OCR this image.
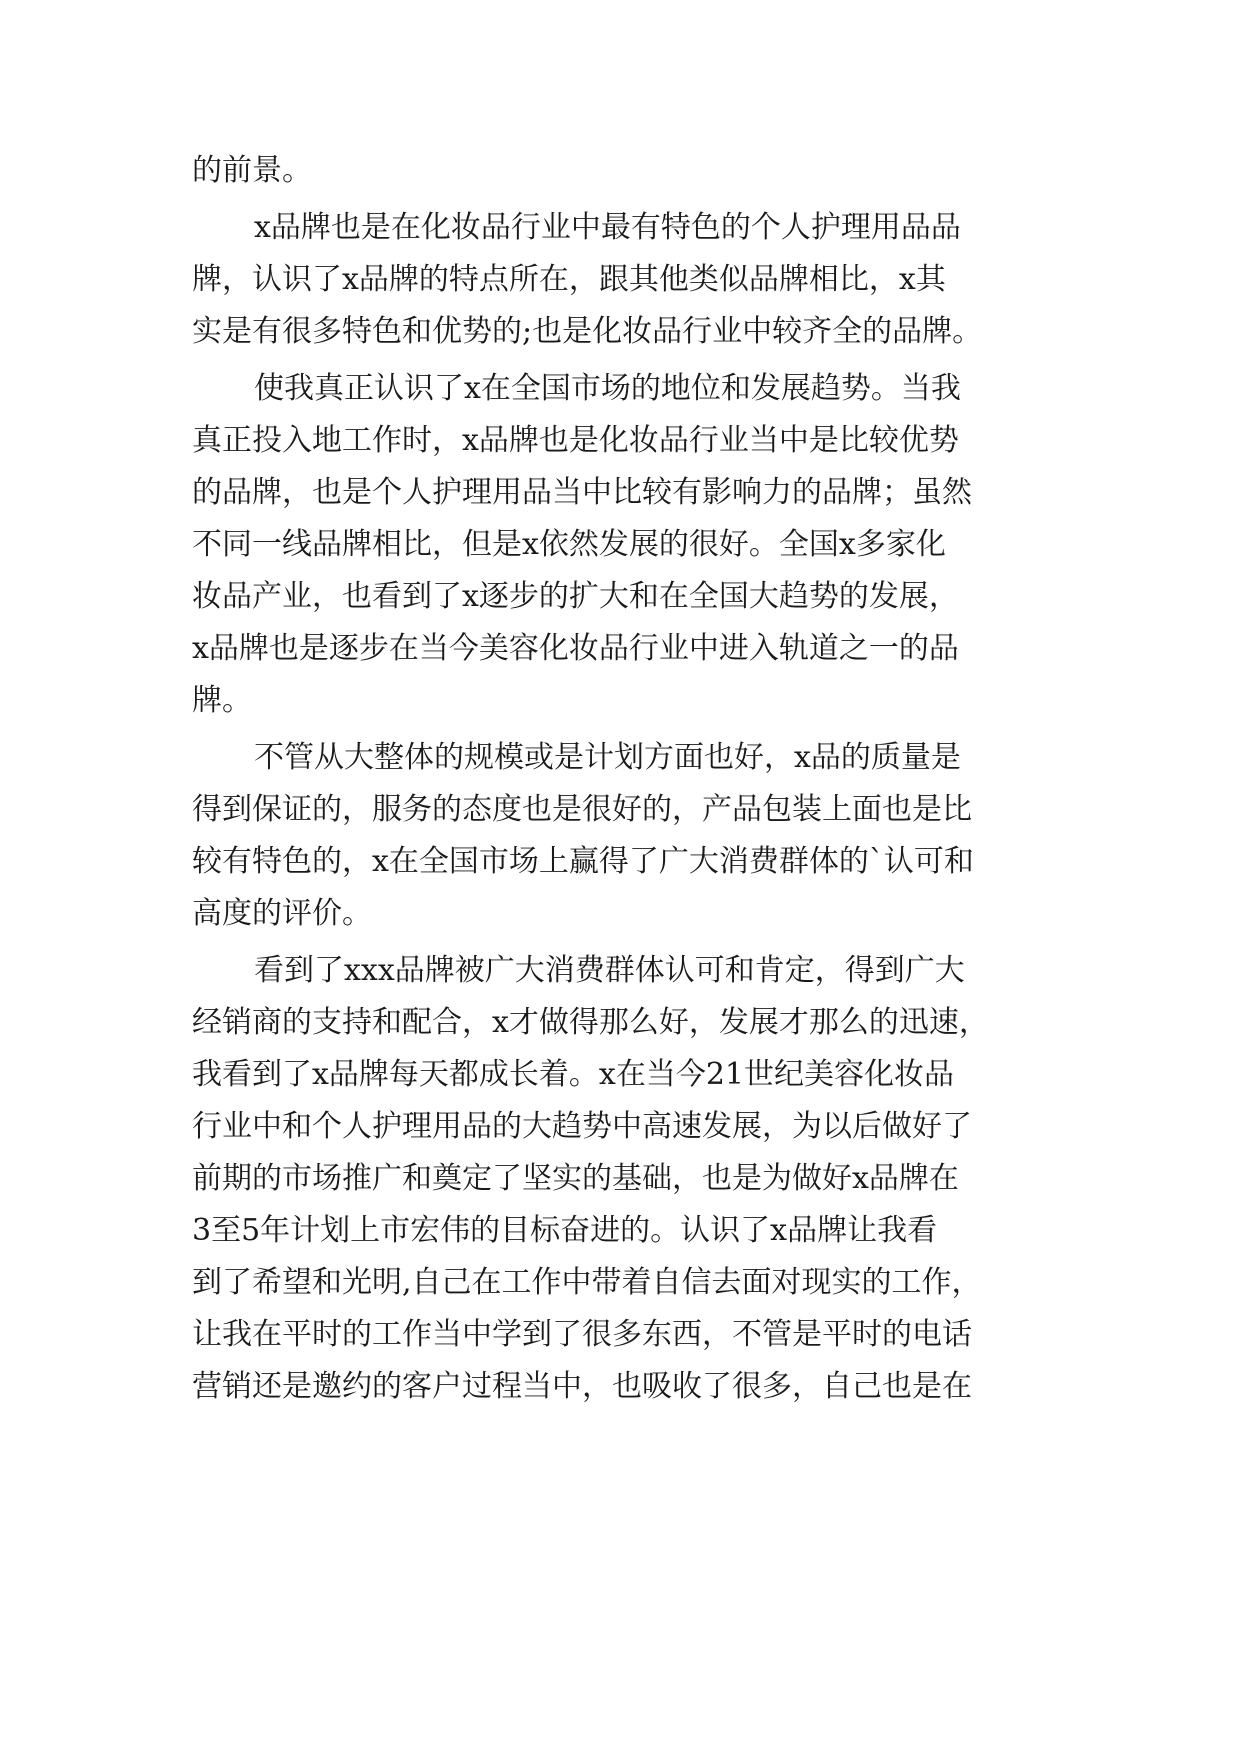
的前景。
x品牌也是在化妆品行业中最有特色的个人护理用品品
牌，认识了x品牌的特点所在，跟其他类似品牌相比，x其
实是有很多特色和优势的;也是化妆品行业中较齐全的品牌。
使我真正认识了x在全国市场的地位和发展趋势。当我
真正投入地工作时，x品牌也是化妆品行业当中是比较优势
的品牌，也是个人护理用品当中比较有影响力的品牌；虽然
不同一线品牌相比，但是x依然发展的很好。全国x多家化
妆品产业，也看到了x逐步的扩大和在全国大趋势的发展，
x品牌也是逐步在当今美容化妆品行业中进入轨道之一的品
牌。
不管从大整体的规模或是计划方面也好，x品的质量是
得到保证的，服务的态度也是很好的，产品包装上面也是比
较有特色的，x在全国市场上赢得了广大消费群体的`认可和
高度的评价。
看到了xxx品牌被广大消费群体认可和肯定，得到广大
经销商的支持和配合，x才做得那么好，发展才那么的迅速，
我看到了x品牌每天都成长着。x在当今21世纪美容化妆品
行业中和个人护理用品的大趋势中高速发展，为以后做好了
前期的市场推广和奠定了坚实的基础，也是为做好x品牌在
3至5年计划上市宏伟的目标奋进的。认识了x品牌让我看
到了希望和光明,自己在工作中带着自信去面对现实的工作，
让我在平时的工作当中学到了很多东西，不管是平时的电话
营销还是邀约的客户过程当中，也吸收了很多，自己也是在
